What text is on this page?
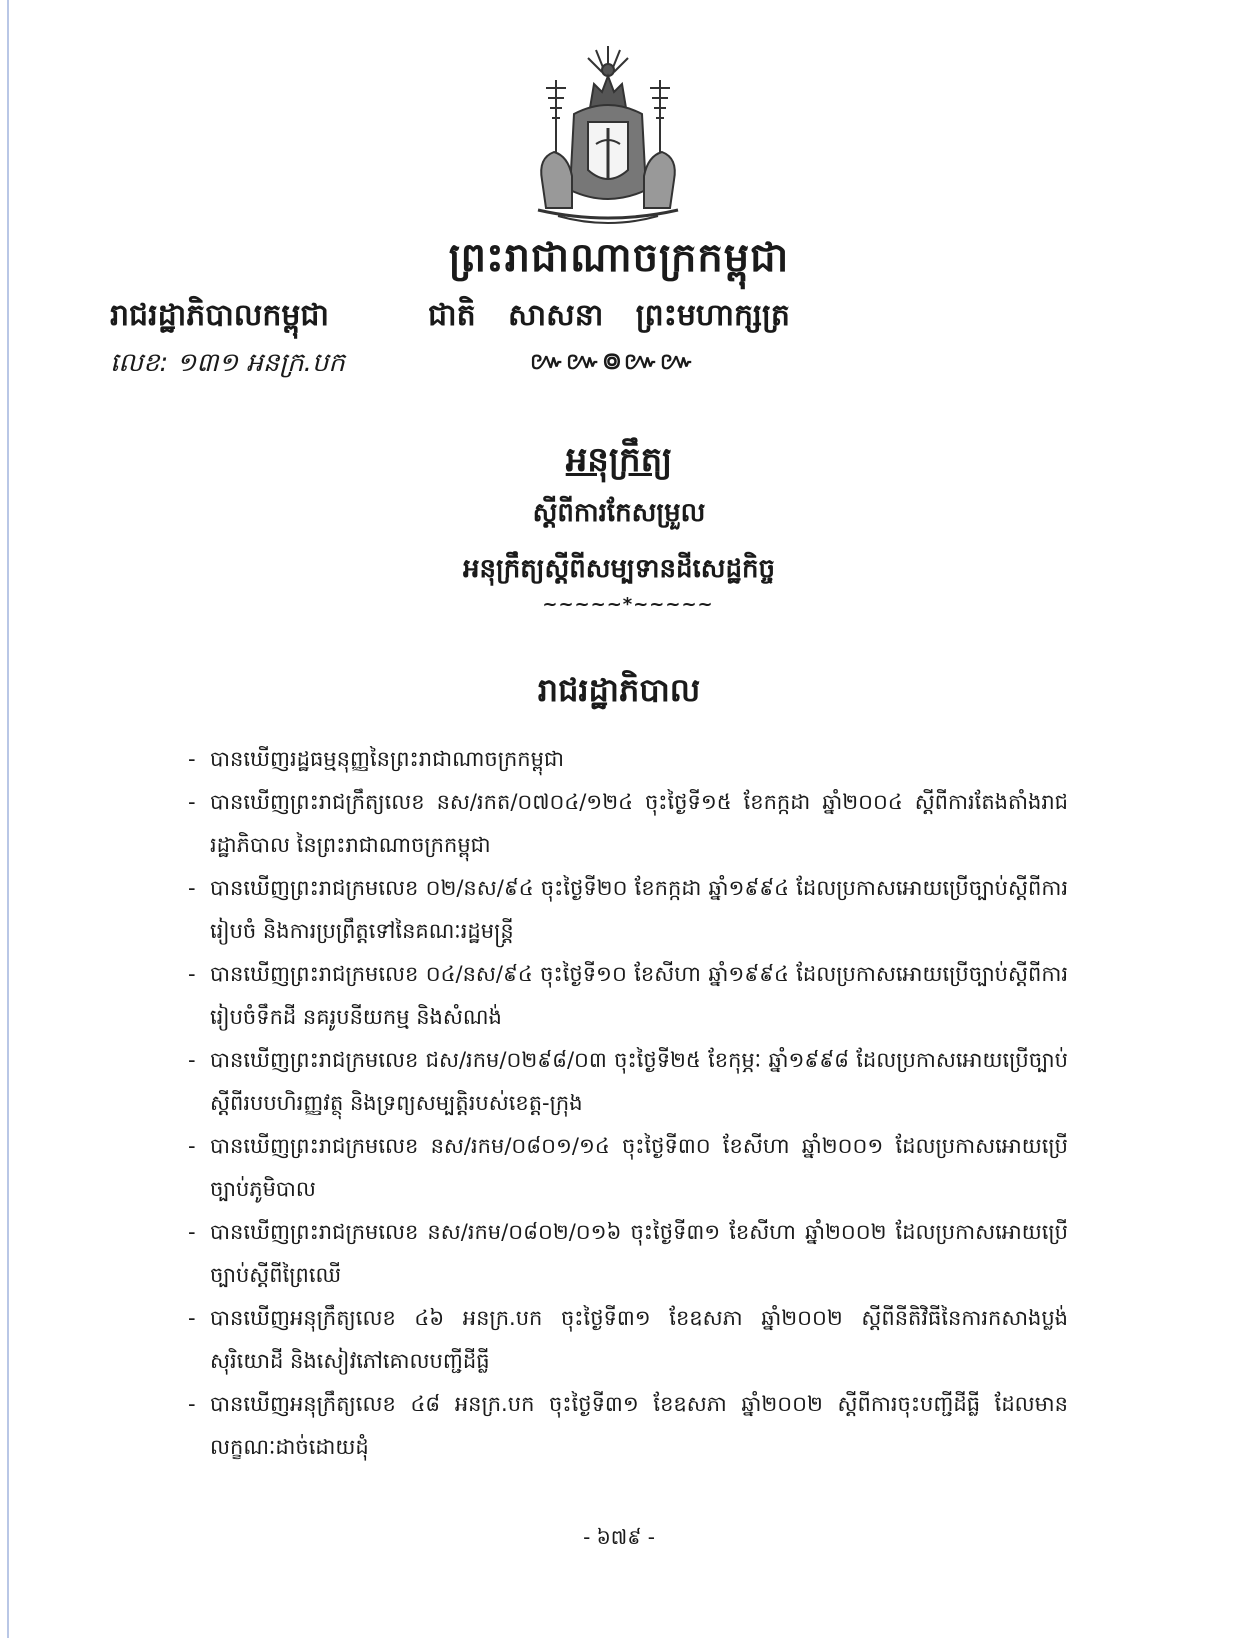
ព្រះរាជាណាចក្រកម្ពុជា
រាជរដ្ឋាភិបាលកម្ពុជា	ជាតិ សាសនា ព្រះមហាក្សត្រ
លេខ: ១៣១ អនក្រ.បក	៚៚៙៚៚
អនុក្រឹត្យ
ស្តីពីការកែសម្រួល
អនុក្រឹត្យស្តីពីសម្បទានដីសេដ្ឋកិច្ច
~~~~~*~~~~~
រាជរដ្ឋាភិបាល
- បានឃើញរដ្ឋធម្មនុញ្ញនៃព្រះរាជាណាចក្រកម្ពុជា
- បានឃើញព្រះរាជក្រឹត្យលេខ នស/រកត/០៧០៤/១២៤ ចុះថ្ងៃទី១៥ ខែកក្កដា ឆ្នាំ២០០៤ ស្តីពីការតែងតាំងរាជរដ្ឋាភិបាល នៃព្រះរាជាណាចក្រកម្ពុជា
- បានឃើញព្រះរាជក្រមលេខ ០២/នស/៩៤ ចុះថ្ងៃទី២០ ខែកក្កដា ឆ្នាំ១៩៩៤ ដែលប្រកាសអោយប្រើច្បាប់ស្តីពីការរៀបចំ និងការប្រព្រឹត្តទៅនៃគណៈរដ្ឋមន្ត្រី
- បានឃើញព្រះរាជក្រមលេខ ០៤/នស/៩៤ ចុះថ្ងៃទី១០ ខែសីហា ឆ្នាំ១៩៩៤ ដែលប្រកាសអោយប្រើច្បាប់ស្តីពីការរៀបចំទឹកដី នគរូបនីយកម្ម និងសំណង់
- បានឃើញព្រះរាជក្រមលេខ ជស/រកម/០២៩៨/០៣ ចុះថ្ងៃទី២៥ ខែកុម្ភៈ ឆ្នាំ១៩៩៨ ដែលប្រកាសអោយប្រើច្បាប់ស្តីពីរបបហិរញ្ញវត្ថុ និងទ្រព្យសម្បត្តិរបស់ខេត្ត-ក្រុង
- បានឃើញព្រះរាជក្រមលេខ នស/រកម/០៨០១/១៤ ចុះថ្ងៃទី៣០ ខែសីហា ឆ្នាំ២០០១ ដែលប្រកាសអោយប្រើច្បាប់ភូមិបាល
- បានឃើញព្រះរាជក្រមលេខ នស/រកម/០៨០២/០១៦ ចុះថ្ងៃទី៣១ ខែសីហា ឆ្នាំ២០០២ ដែលប្រកាសអោយប្រើច្បាប់ស្តីពីព្រៃឈើ
- បានឃើញអនុក្រឹត្យលេខ ៤៦ អនក្រ.បក ចុះថ្ងៃទី៣១ ខែឧសភា ឆ្នាំ២០០២ ស្តីពីនីតិវិធីនៃការកសាងប្លង់សុរិយោដី និងសៀវភៅគោលបញ្ជីដីធ្លី
- បានឃើញអនុក្រឹត្យលេខ ៤៨ អនក្រ.បក ចុះថ្ងៃទី៣១ ខែឧសភា ឆ្នាំ២០០២ ស្តីពីការចុះបញ្ជីដីធ្លី ដែលមានលក្ខណៈដាច់ដោយដុំ
- ៦៧៩ -
